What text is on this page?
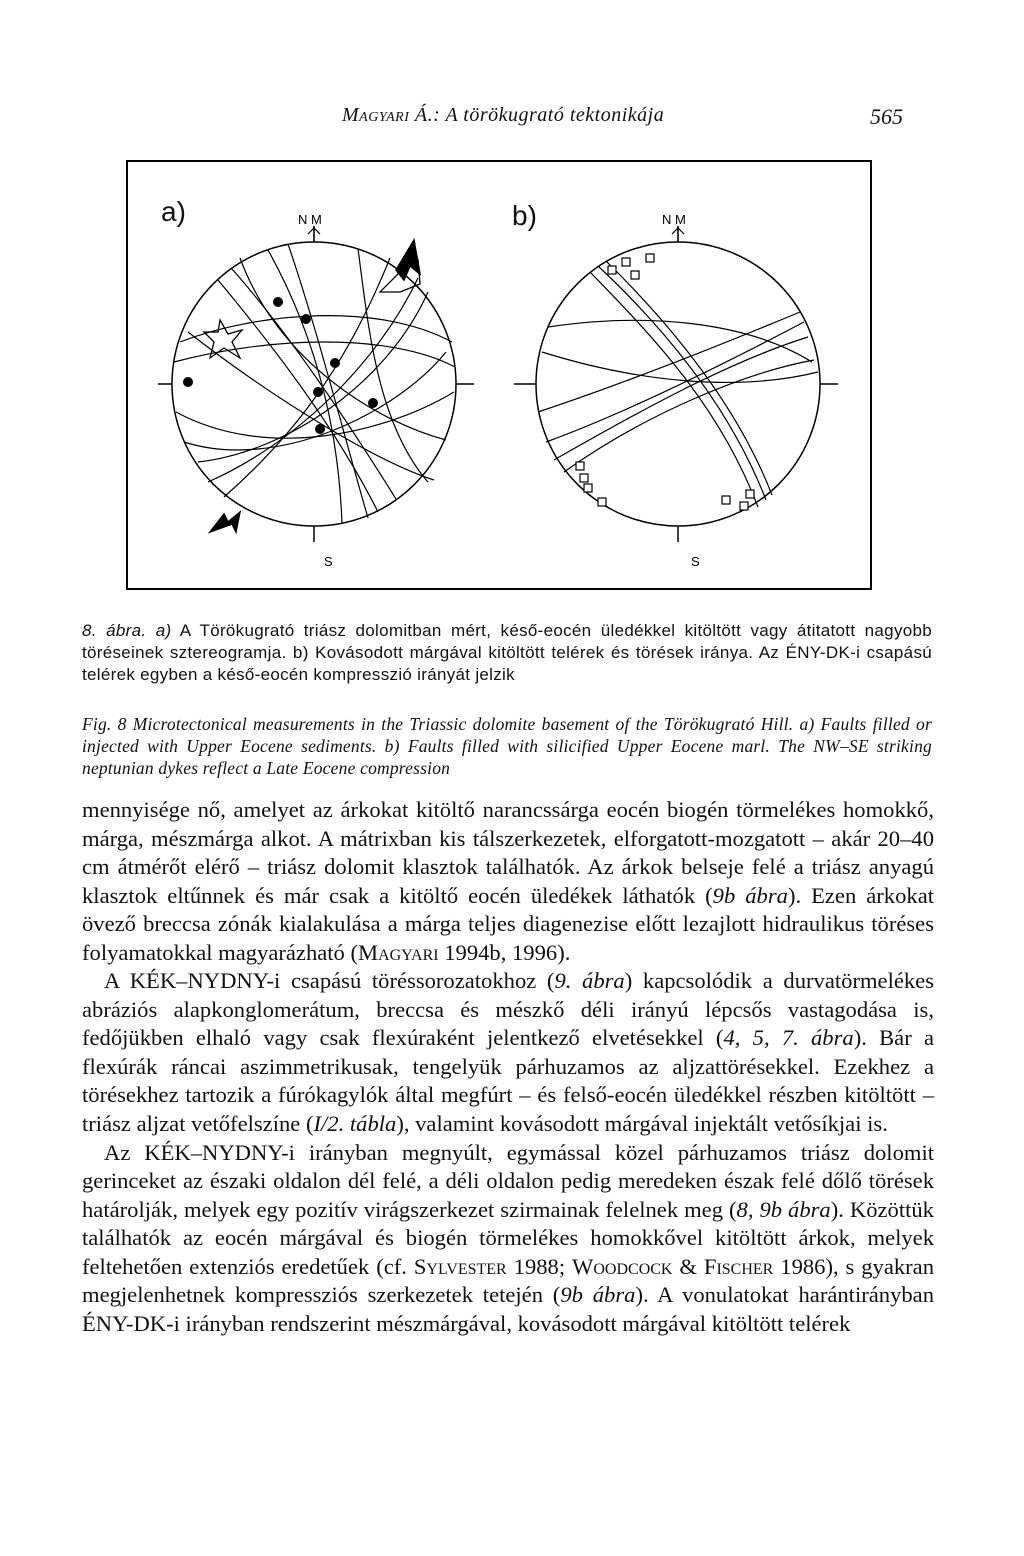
Magyari Á.: A törökugrató tektonikája	565
N M	N M
S	S
a)	b)
8. ábra. a) A Törökugrató triász dolomitban mért, késő-eocén üledékkel kitöltött vagy átitatott nagyobb töréseinek sztereogramja. b) Kovásodott márgával kitöltött telérek és törések iránya. Az ÉNY-DK-i csapású telérek egyben a késő-eocén kompresszió irányát jelzik
Fig. 8 Microtectonical measurements in the Triassic dolomite basement of the Törökugrató Hill. a) Faults filled or injected with Upper Eocene sediments. b) Faults filled with silicified Upper Eocene marl. The NW–SE striking neptunian dykes reflect a Late Eocene compression

mennyisége nő, amelyet az árkokat kitöltő narancssárga eocén biogén törmelékes homokkő, márga, mészmárga alkot. A mátrixban kis tálszerkezetek, elforgatott-mozgatott – akár 20–40 cm átmérőt elérő – triász dolomit klasztok találhatók. Az árkok belseje felé a triász anyagú klasztok eltűnnek és már csak a kitöltő eocén üledékek láthatók (9b ábra). Ezen árkokat övező breccsa zónák kialakulása a márga teljes diagenezise előtt lezajlott hidraulikus töréses folyamatokkal magyarázható (Magyari 1994b, 1996).

A KÉK–NYDNY-i csapású töréssorozatokhoz (9. ábra) kapcsolódik a durvatörmelékes abráziós alapkonglomerátum, breccsa és mészkő déli irányú lépcsős vastagodása is, fedőjükben elhaló vagy csak flexúraként jelentkező elvetésekkel (4, 5, 7. ábra). Bár a flexúrák ráncai aszimmetrikusak, tengelyük párhuzamos az aljzattörésekkel. Ezekhez a törésekhez tartozik a fúrókagylók által megfúrt – és felső-eocén üledékkel részben kitöltött – triász aljzat vetőfelszíne (I/2. tábla), valamint kovásodott márgával injektált vetősíkjai is.

Az KÉK–NYDNY-i irányban megnyúlt, egymással közel párhuzamos triász dolomit gerinceket az északi oldalon dél felé, a déli oldalon pedig meredeken észak felé dőlő törések határolják, melyek egy pozitív virágszerkezet szirmainak felelnek meg (8, 9b ábra). Közöttük találhatók az eocén márgával és biogén törmelékes homokkővel kitöltött árkok, melyek feltehetően extenziós eredetűek (cf. Sylvester 1988; Woodcock & Fischer 1986), s gyakran megjelenhetnek kompressziós szerkezetek tetején (9b ábra). A vonulatokat harántirányban ÉNY-DK-i irányban rendszerint mészmárgával, kovásodott márgával kitöltött telérek
